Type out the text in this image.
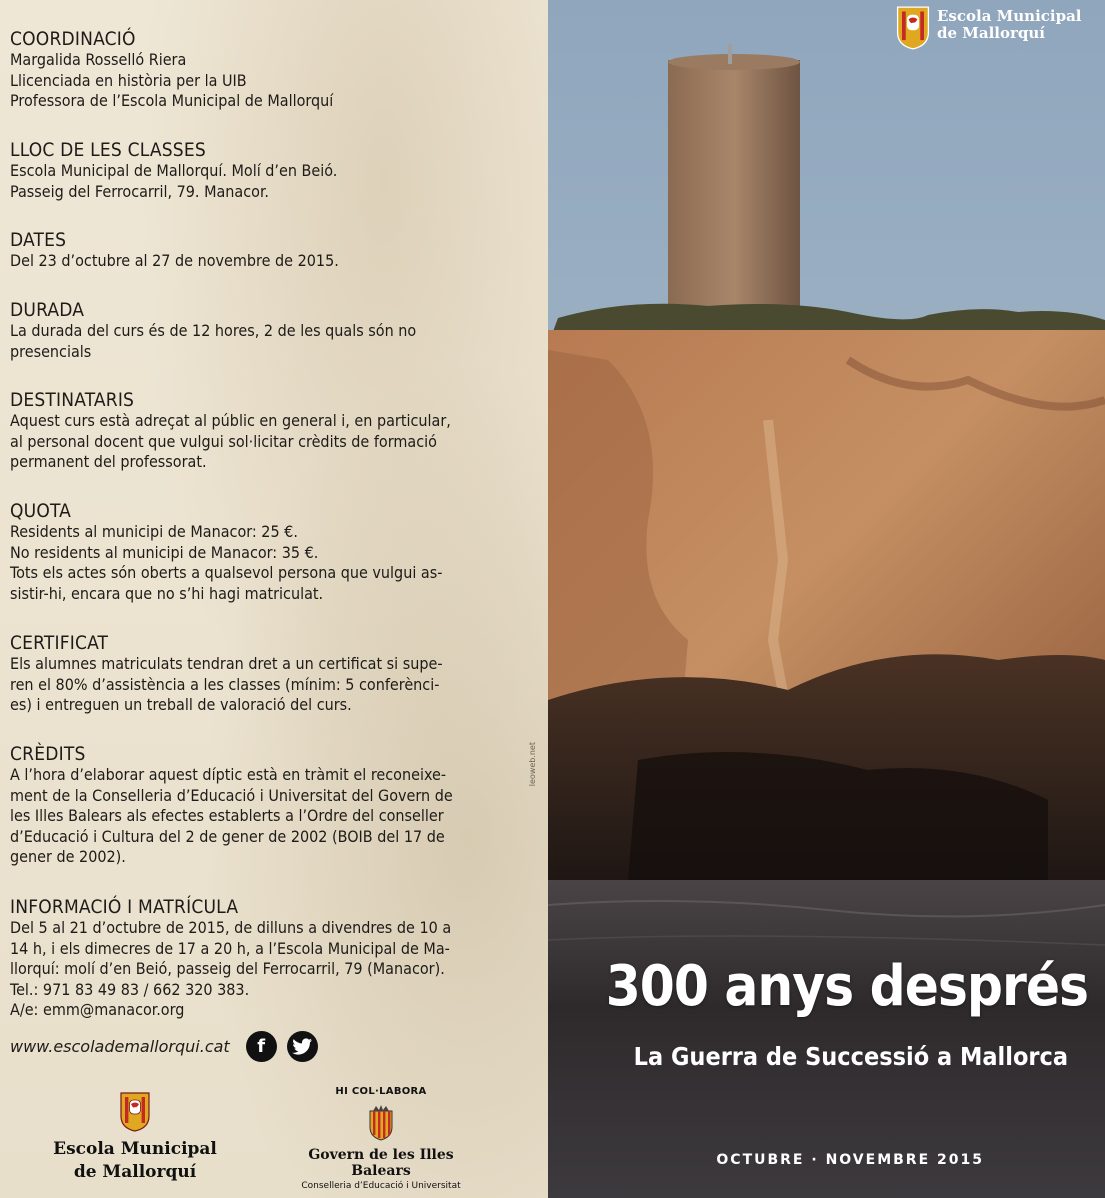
COORDINACIÓ

Margalida Rosselló Riera

Llicenciada en història per la UIB

Professora de l’Escola Municipal de Mallorquí

LLOC DE LES CLASSES

Escola Municipal de Mallorquí. Molí d’en Beió.

Passeig del Ferrocarril, 79. Manacor.

DATES

Del 23 d’octubre al 27 de novembre de 2015.

DURADA

La durada del curs és de 12 hores, 2 de les quals són no

presencials

DESTINATARIS

Aquest curs està adreçat al públic en general i, en particular,

al personal docent que vulgui sol·licitar crèdits de formació

permanent del professorat.

QUOTA

Residents al municipi de Manacor: 25 €.

No residents al municipi de Manacor: 35 €.

Tots els actes són oberts a qualsevol persona que vulgui as-

sistir-hi, encara que no s’hi hagi matriculat.

CERTIFICAT

Els alumnes matriculats tendran dret a un certificat si supe-

ren el 80% d’assistència a les classes (mínim: 5 conferènci-

es) i entreguen un treball de valoració del curs.

CRÈDITS

A l’hora d’elaborar aquest díptic està en tràmit el reconeixe-

ment de la Conselleria d’Educació i Universitat del Govern de

les Illes Balears als efectes establerts a l’Ordre del conseller

d’Educació i Cultura del 2 de gener de 2002 (BOIB del 17 de

gener de 2002).

INFORMACIÓ I MATRÍCULA

Del 5 al 21 d’octubre de 2015, de dilluns a divendres de 10 a

14 h, i els dimecres de 17 a 20 h, a l’Escola Municipal de Ma-

llorquí: molí d’en Beió, passeig del Ferrocarril, 79 (Manacor).

Tel.: 971 83 49 83 / 662 320 383.

A/e: emm@manacor.org

www.escolademallorqui.cat f
leoweb.net
Escola Municipal
de Mallorquí
HI COL·LABORA
Govern de les Illes Balears
Conselleria d’Educació i Universitat
Escola Municipal
de Mallorquí
300 anys després
La Guerra de Successió a Mallorca
OCTUBRE · NOVEMBRE 2015
